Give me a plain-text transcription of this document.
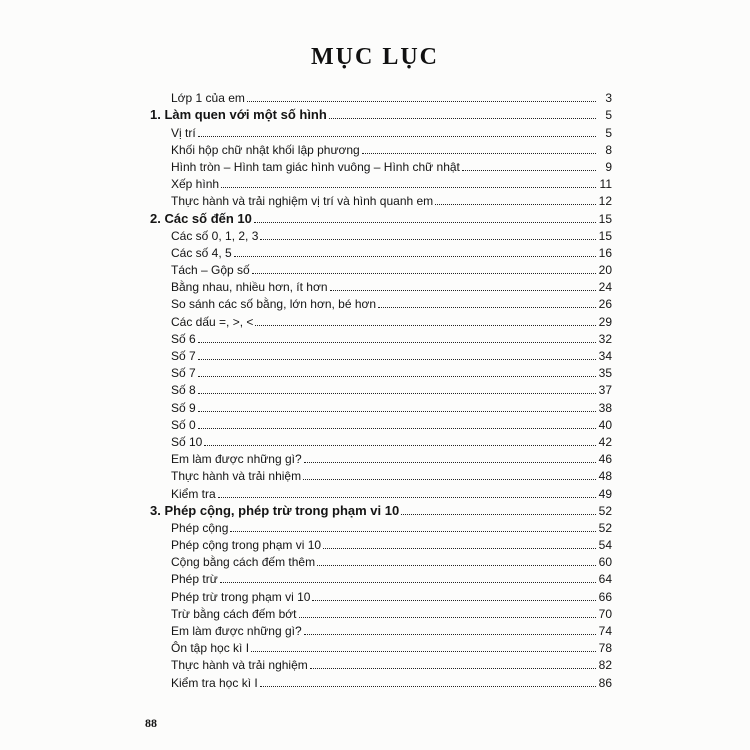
MỤC LỤC
Lớp 1 của em	3
1. Làm quen với một số hình	5
Vị trí	5
Khối hộp chữ nhật khối lập phương	8
Hình tròn – Hình tam giác hình vuông – Hình chữ nhật	9
Xếp hình	11
Thực hành và trải nghiệm vị trí và hình quanh em	12
2. Các số đến 10	15
Các số 0, 1, 2, 3	15
Các số 4, 5	16
Tách – Gộp số	20
Bằng nhau, nhiều hơn, ít hơn	24
So sánh các số bằng, lớn hơn, bé hơn	26
Các dấu =, >, <	29
Số 6	32
Số 7	34
Số 7	35
Số 8	37
Số 9	38
Số 0	40
Số 10	42
Em làm được những gì?	46
Thực hành và trải nhiệm	48
Kiểm tra	49
3. Phép cộng, phép trừ trong phạm vi 10	52
Phép cộng	52
Phép cộng trong phạm vi 10	54
Cộng bằng cách đếm thêm	60
Phép trừ	64
Phép trừ trong phạm vi 10	66
Trừ bằng cách đếm bớt	70
Em làm được những gì?	74
Ôn tập học kì I	78
Thực hành và trải nghiệm	82
Kiểm tra học kì I	86
88
